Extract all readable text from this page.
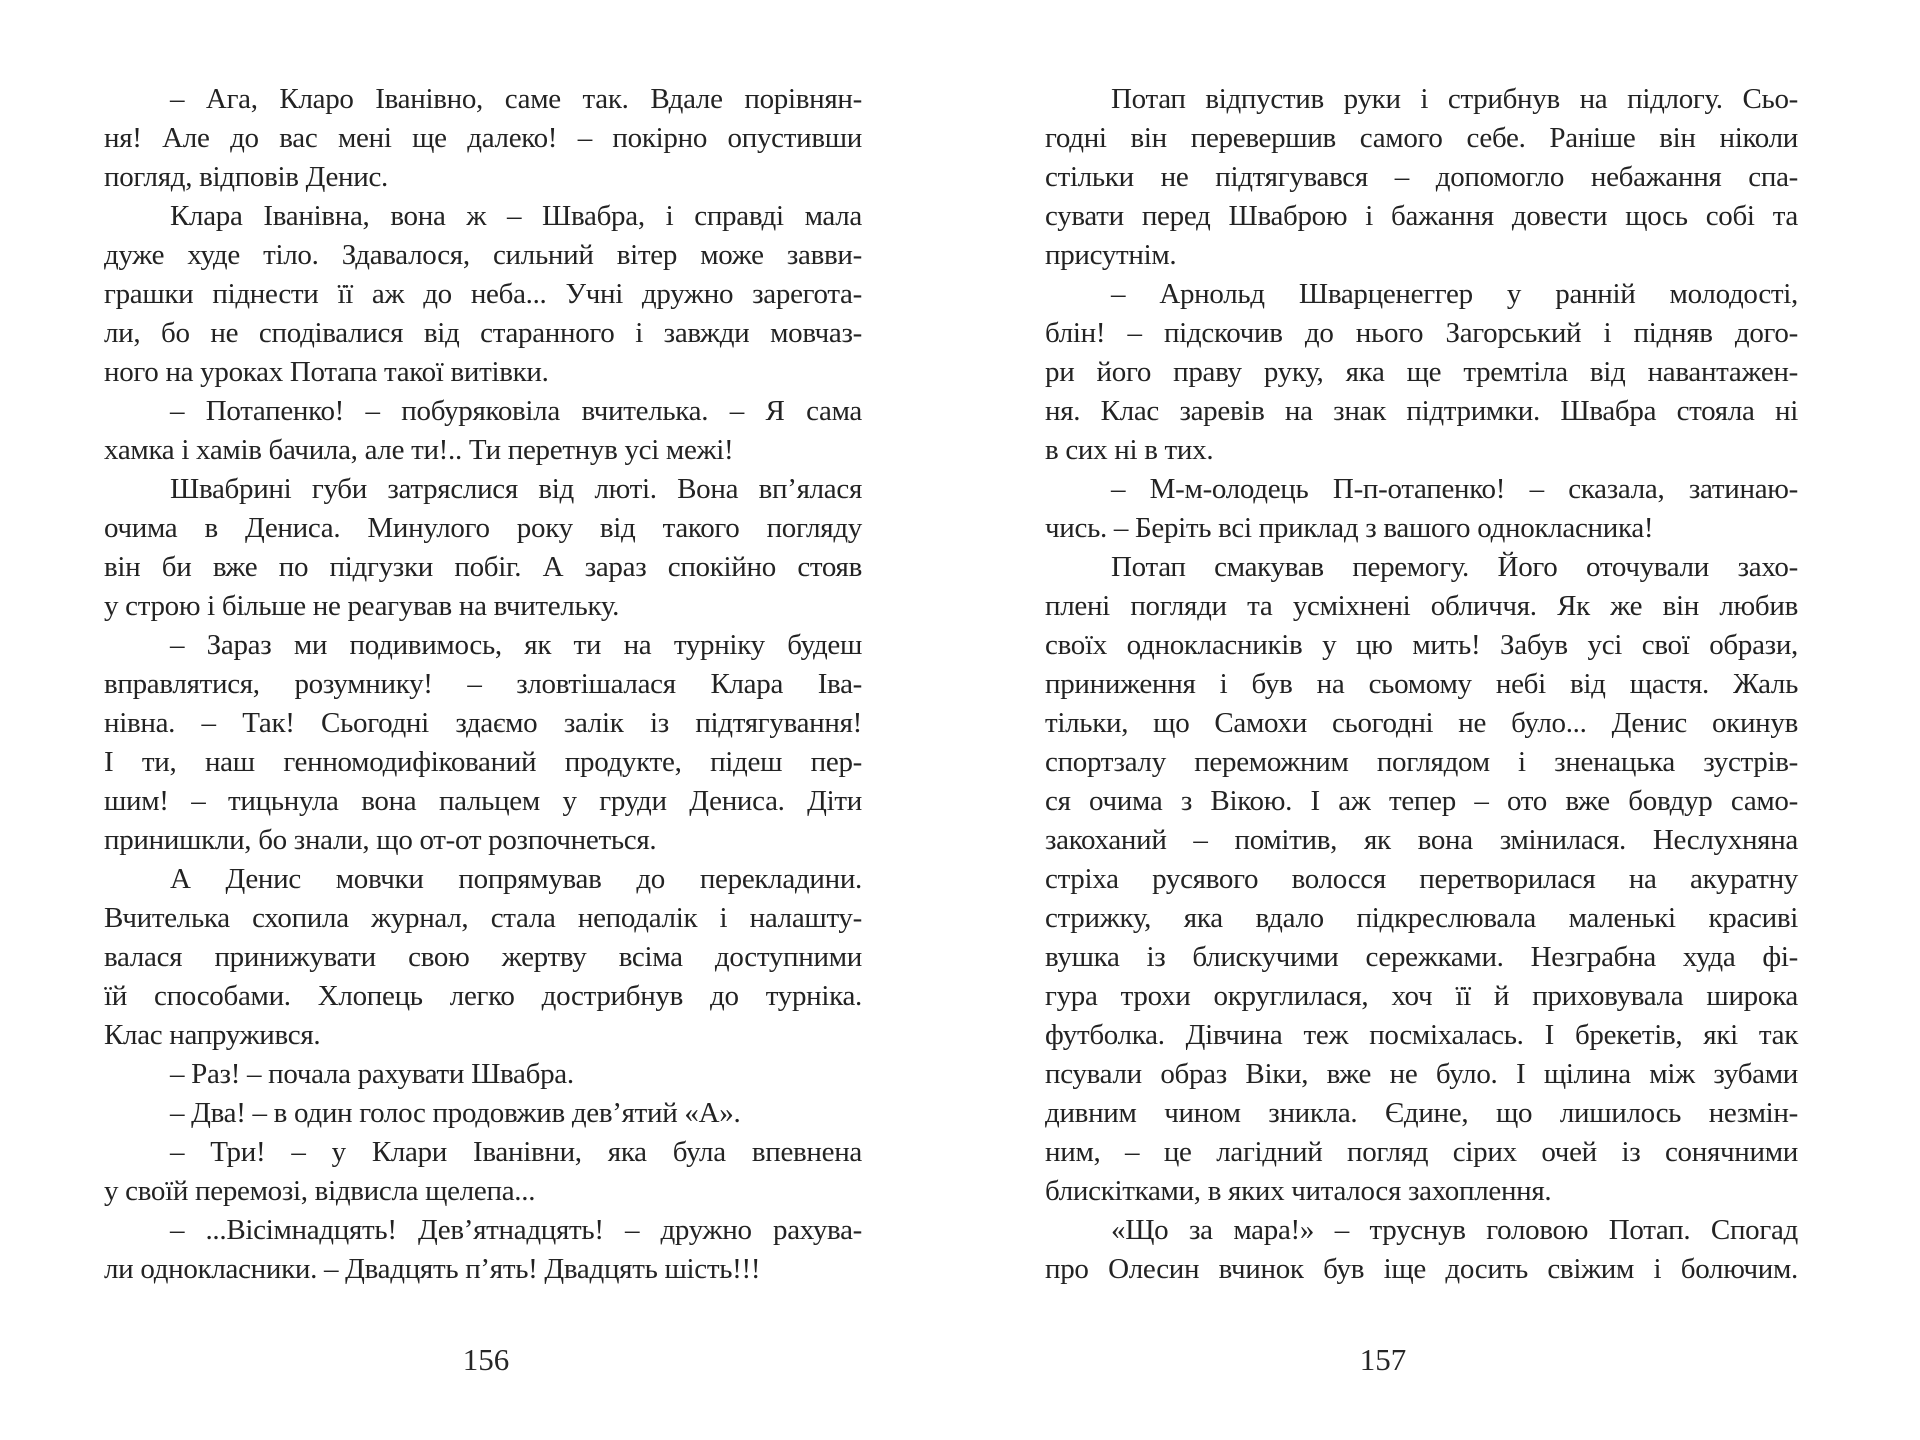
– Ага, Кларо Іванівно, саме так. Вдале порівнян-
ня! Але до вас мені ще далеко! – покірно опустивши
погляд, відповів Денис.
Клара Іванівна, вона ж – Швабра, і справді мала
дуже худе тіло. Здавалося, сильний вітер може завви-
грашки піднести її аж до неба... Учні дружно зарегота-
ли, бо не сподівалися від старанного і завжди мовчаз-
ного на уроках Потапа такої витівки.
– Потапенко! – побуряковіла вчителька. – Я сама
хамка і хамів бачила, але ти!.. Ти перетнув усі межі!
Швабрині губи затряслися від люті. Вона вп’ялася
очима в Дениса. Минулого року від такого погляду
він би вже по підгузки побіг. А зараз спокійно стояв
у строю і більше не реагував на вчительку.
– Зараз ми подивимось, як ти на турніку будеш
вправлятися, розумнику! – зловтішалася Клара Іва-
нівна. – Так! Сьогодні здаємо залік із підтягування!
І ти, наш генномодифікований продукте, підеш пер-
шим! – тицьнула вона пальцем у груди Дениса. Діти
принишкли, бо знали, що от-от розпочнеться.
А Денис мовчки попрямував до перекладини.
Вчителька схопила журнал, стала неподалік і налашту-
валася принижувати свою жертву всіма доступними
їй способами. Хлопець легко дострибнув до турніка.
Клас напружився.
– Раз! – почала рахувати Швабра.
– Два! – в один голос продовжив дев’ятий «А».
– Три! – у Клари Іванівни, яка була впевнена
у своїй перемозі, відвисла щелепа...
– ...Вісімнадцять! Дев’ятнадцять! – дружно рахува-
ли однокласники. – Двадцять п’ять! Двадцять шість!!!
156
Потап відпустив руки і стрибнув на підлогу. Сьо-
годні він перевершив самого себе. Раніше він ніколи
стільки не підтягувався – допомогло небажання спа-
сувати перед Шваброю і бажання довести щось собі та
присутнім.
– Арнольд Шварценеггер у ранній молодості,
блін! – підскочив до нього Загорський і підняв дого-
ри його праву руку, яка ще тремтіла від навантажен-
ня. Клас заревів на знак підтримки. Швабра стояла ні
в сих ні в тих.
– М-м-олодець П-п-отапенко! – сказала, затинаю-
чись. – Беріть всі приклад з вашого однокласника!
Потап смакував перемогу. Його оточували захо-
плені погляди та усміхнені обличчя. Як же він любив
своїх однокласників у цю мить! Забув усі свої образи,
приниження і був на сьомому небі від щастя. Жаль
тільки, що Самохи сьогодні не було... Денис окинув
спортзалу переможним поглядом і зненацька зустрів-
ся очима з Вікою. І аж тепер – ото вже бовдур само-
закоханий – помітив, як вона змінилася. Неслухняна
стріха русявого волосся перетворилася на акуратну
стрижку, яка вдало підкреслювала маленькі красиві
вушка із блискучими сережками. Незграбна худа фі-
гура трохи округлилася, хоч її й приховувала широка
футболка. Дівчина теж посміхалась. І брекетів, які так
псували образ Віки, вже не було. І щілина між зубами
дивним чином зникла. Єдине, що лишилось незмін-
ним, – це лагідний погляд сірих очей із сонячними
блискітками, в яких читалося захоплення.
«Що за мара!» – труснув головою Потап. Спогад
про Олесин вчинок був іще досить свіжим і болючим.
157
